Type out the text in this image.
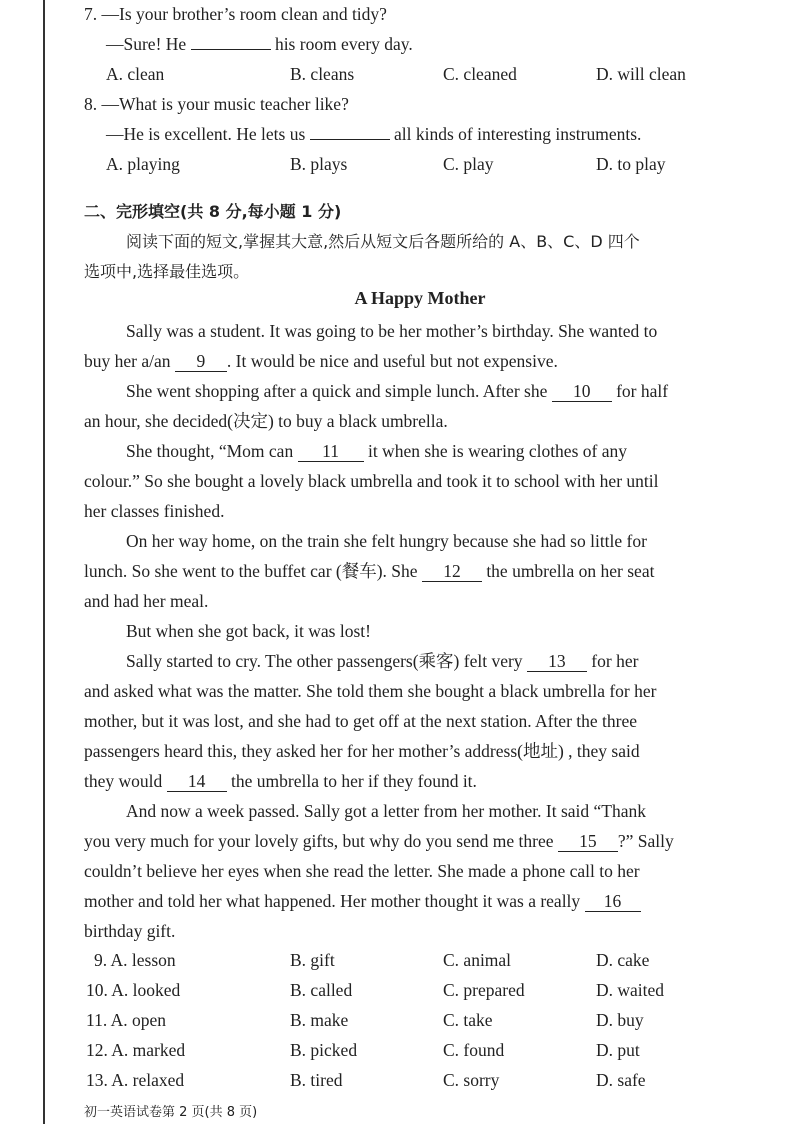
7. —Is your brother’s room clean and tidy?
—Sure! He	his room every day.
A. clean	B. cleans	C. cleaned	D. will clean
8. —What is your music teacher like?
—He is excellent. He lets us	all kinds of interesting instruments.
A. playing	B. plays	C. play	D. to play
二、完形填空(共 8 分,每小题 1 分)
阅读下面的短文,掌握其大意,然后从短文后各题所给的 A、B、C、D 四个
选项中,选择最佳选项。
A Happy Mother
Sally was a student. It was going to be her mother’s birthday. She wanted to
buy her a/an 9 . It would be nice and useful but not expensive.
She went shopping after a quick and simple lunch. After she 10 for half
an hour, she decided(决定) to buy a black umbrella.
She thought, “Mom can 11 it when she is wearing clothes of any
colour.” So she bought a lovely black umbrella and took it to school with her until
her classes finished.
On her way home, on the train she felt hungry because she had so little for
lunch. So she went to the buffet car (餐车). She 12 the umbrella on her seat
and had her meal.
But when she got back, it was lost!
Sally started to cry. The other passengers(乘客) felt very 13 for her
and asked what was the matter. She told them she bought a black umbrella for her
mother, but it was lost, and she had to get off at the next station. After the three
passengers heard this, they asked her for her mother’s address(地址) , they said
they would 14 the umbrella to her if they found it.
And now a week passed. Sally got a letter from her mother. It said “Thank
you very much for your lovely gifts, but why do you send me three 15 ?” Sally
couldn’t believe her eyes when she read the letter. She made a phone call to her
mother and told her what happened. Her mother thought it was a really 16
birthday gift.
9. A. lesson	B. gift	C. animal	D. cake
10. A. looked	B. called	C. prepared	D. waited
11. A. open	B. make	C. take	D. buy
12. A. marked	B. picked	C. found	D. put
13. A. relaxed	B. tired	C. sorry	D. safe
初一英语试卷第 2 页(共 8 页)
